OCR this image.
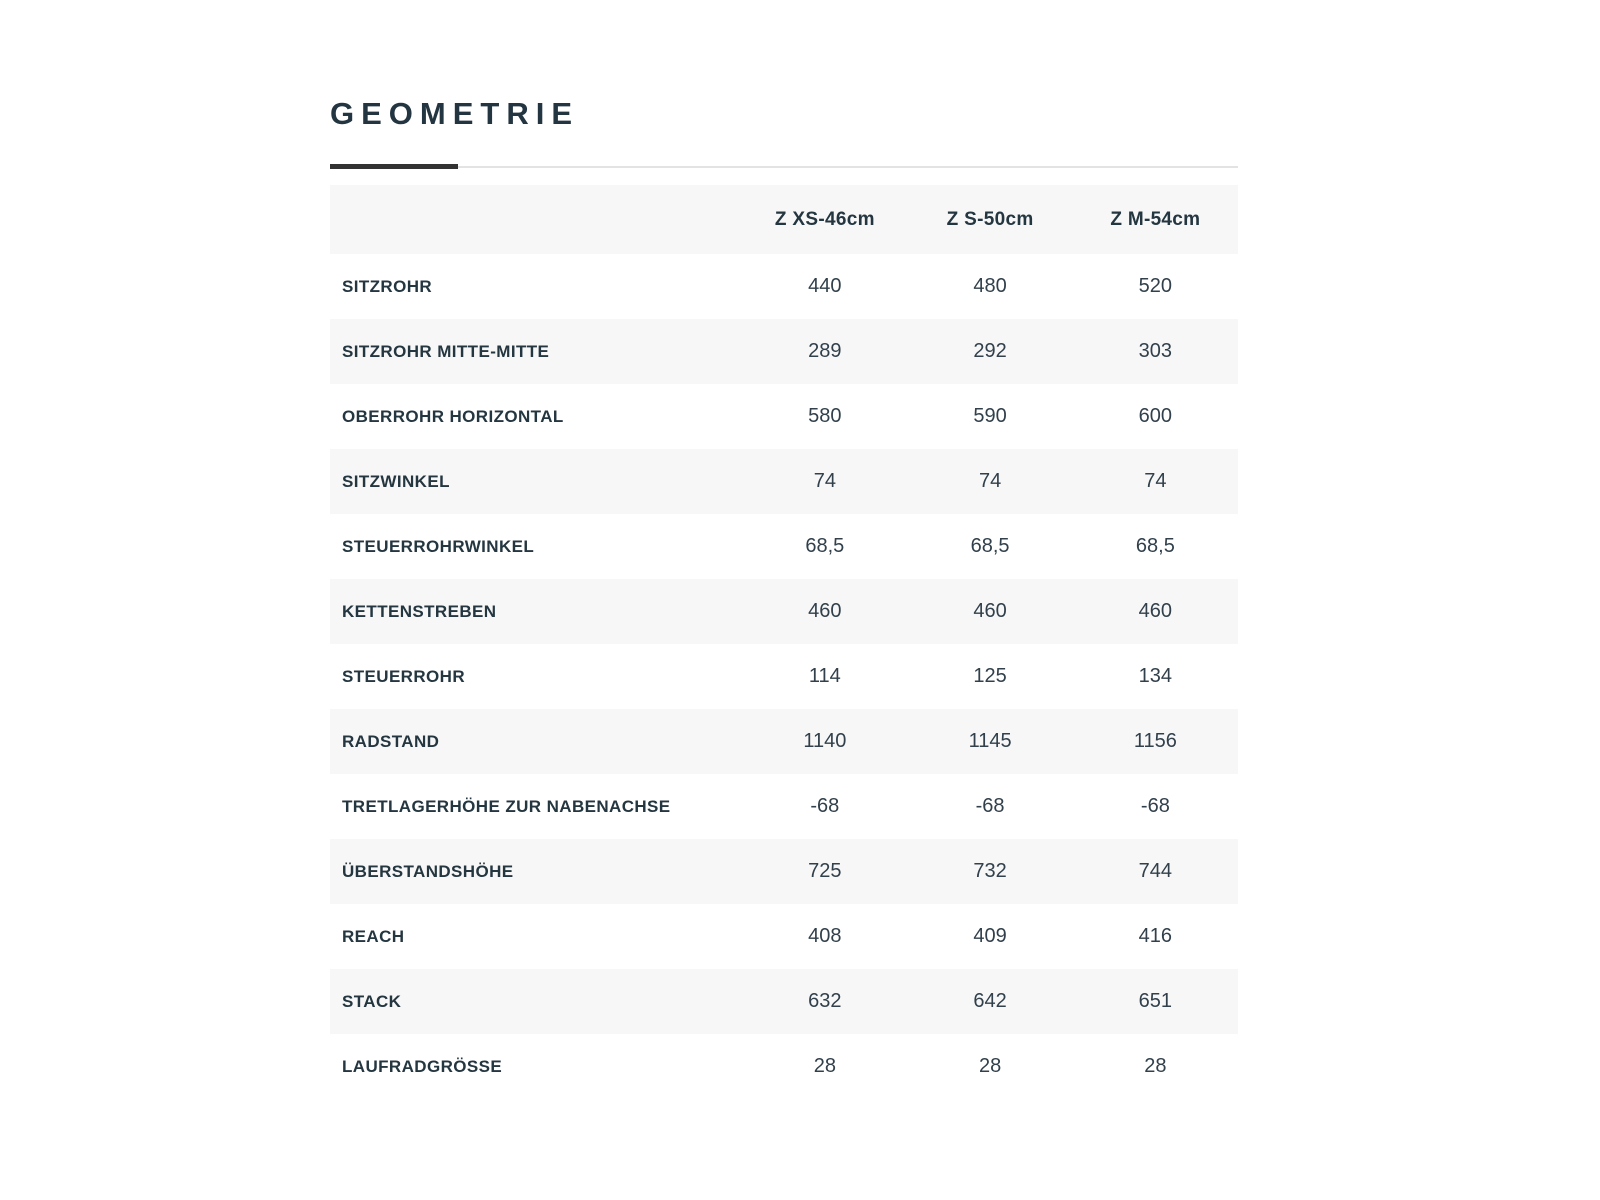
GEOMETRIE
	Z XS-46cm	Z S-50cm	Z M-54cm
SITZROHR	440	480	520
SITZROHR MITTE-MITTE	289	292	303
OBERROHR HORIZONTAL	580	590	600
SITZWINKEL	74	74	74
STEUERROHRWINKEL	68,5	68,5	68,5
KETTENSTREBEN	460	460	460
STEUERROHR	114	125	134
RADSTAND	1140	1145	1156
TRETLAGERHÖHE ZUR NABENACHSE	-68	-68	-68
ÜBERSTANDSHÖHE	725	732	744
REACH	408	409	416
STACK	632	642	651
LAUFRADGRÖSSE	28	28	28
